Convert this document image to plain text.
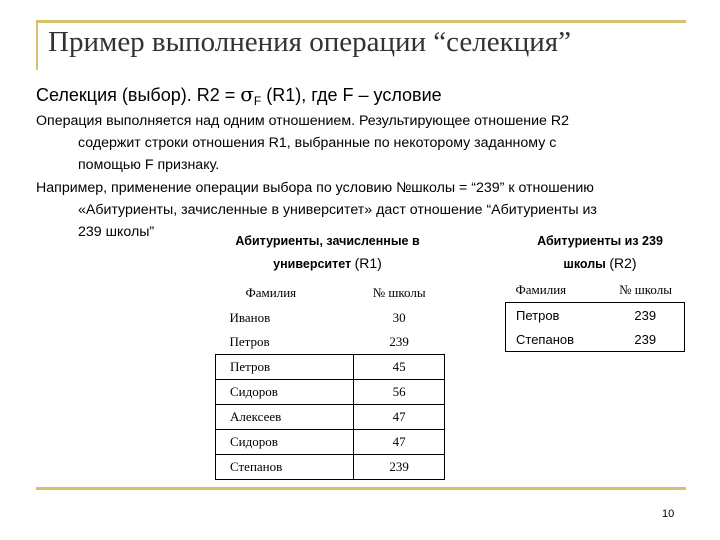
Пример выполнения операции “селекция”
Селекция (выбор). $R2 = \sigma_F$ (R1), где F – условие
Операция выполняется над одним отношением. Результирующее отношение R2
содержит строки отношения R1, выбранные по некоторому заданному с
помощью F признаку.
Например, применение операции выбора по условию №школы = “239” к отношению
«Абитуриенты, зачисленные в университет» даст отношение “Абитуриенты из
239 школы”
Абитуриенты, зачисленные в
университет (R1)
Абитуриенты из 239
школы (R2)
Фамилия	№ школы
Иванов	30
Петров	239
Петров	45
Сидоров	56
Алексеев	47
Сидоров	47
Степанов	239
Фамилия	№ школы
Петров	239
Степанов	239
10
